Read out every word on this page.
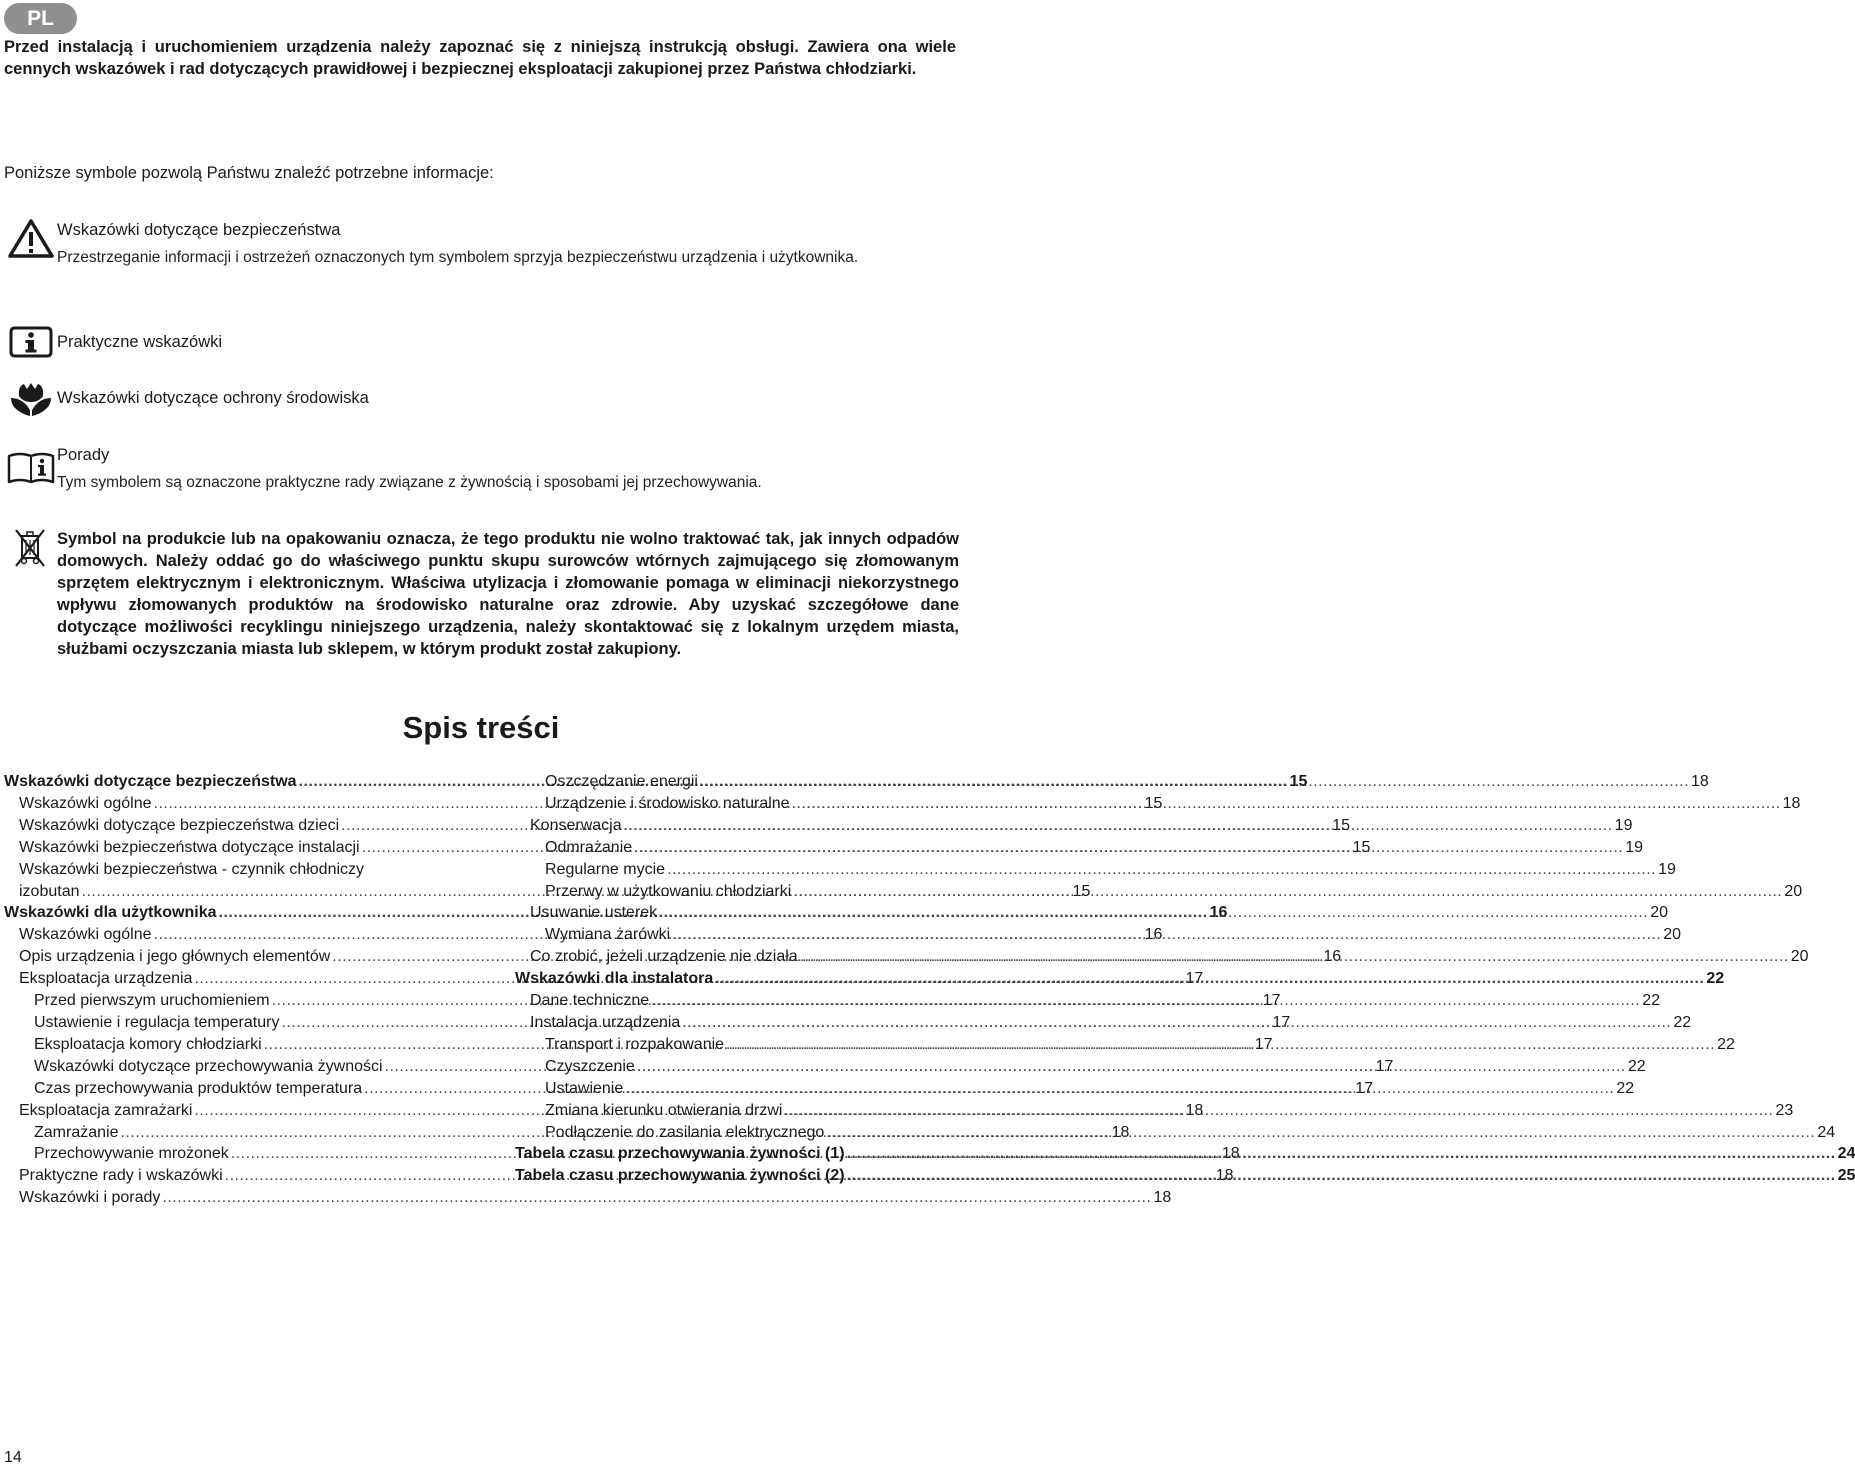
PL

Przed instalacją i uruchomieniem urządzenia należy zapoznać się z niniejszą instrukcją obsługi. Zawiera ona wiele cennych wskazówek i rad dotyczących prawidłowej i bezpiecznej eksploatacji zakupionej przez Państwa chłodziarki.

Poniższe symbole pozwolą Państwu znaleźć potrzebne informacje:

Wskazówki dotyczące bezpieczeństwa

Przestrzeganie informacji i ostrzeżeń oznaczonych tym symbolem sprzyja bezpieczeństwu urządzenia i użytkownika.

Praktyczne wskazówki

Wskazówki dotyczące ochrony środowiska

Porady

Tym symbolem są oznaczone praktyczne rady związane z żywnością i sposobami jej przechowywania.

Symbol na produkcie lub na opakowaniu oznacza, że tego produktu nie wolno traktować tak, jak innych odpadów domowych. Należy oddać go do właściwego punktu skupu surowców wtórnych zajmującego się złomowanym sprzętem elektrycznym i elektronicznym. Właściwa utylizacja i złomowanie pomaga w eliminacji niekorzystnego wpływu złomowanych produktów na środowisko naturalne oraz zdrowie. Aby uzyskać szczegółowe dane dotyczące możliwości recyklingu niniejszego urządzenia, należy skontaktować się z lokalnym urzędem miasta, służbami oczyszczania miasta lub sklepem, w którym produkt został zakupiony.

Spis treści
Wskazówki dotyczące bezpieczeństwa .....	15
Wskazówki ogólne .....	15
Wskazówki dotyczące bezpieczeństwa dzieci .....	15
Wskazówki bezpieczeństwa dotyczące instalacji .....	15
Wskazówki bezpieczeństwa - czynnik chłodniczy
izobutan .....	15
Wskazówki dla użytkownika .....	16
Wskazówki ogólne .....	16
Opis urządzenia i jego głównych elementów .....	16
Eksploatacja urządzenia .....	17
Przed pierwszym uruchomieniem .....	17
Ustawienie i regulacja temperatury .....	17
Eksploatacja komory chłodziarki .....	17
Wskazówki dotyczące przechowywania żywności .....	17
Czas przechowywania produktów temperatura .....	17
Eksploatacja zamrażarki .....	18
Zamrażanie .....	18
Przechowywanie mrożonek .....	18
Praktyczne rady i wskazówki .....	18
Wskazówki i porady .....	18
Oszczędzanie energii .....	18
Urządzenie i środowisko naturalne .....	18
Konserwacja .....	19
Odmrażanie .....	19
Regularne mycie .....	19
Przerwy w użytkowaniu chłodziarki .....	20
Usuwanie usterek .....	20
Wymiana żarówki .....	20
Co zrobić, jeżeli urządzenie nie działa .....	20
Wskazówki dla instalatora .....	22
Dane techniczne .....	22
Instalacja urządzenia .....	22
Transport i rozpakowanie .....	22
Czyszczenie .....	22
Ustawienie .....	22
Zmiana kierunku otwierania drzwi .....	23
Podłączenie do zasilania elektrycznego .....	24
Tabela czasu przechowywania żywności (1) .....	24
Tabela czasu przechowywania żywności (2) .....	25
14
